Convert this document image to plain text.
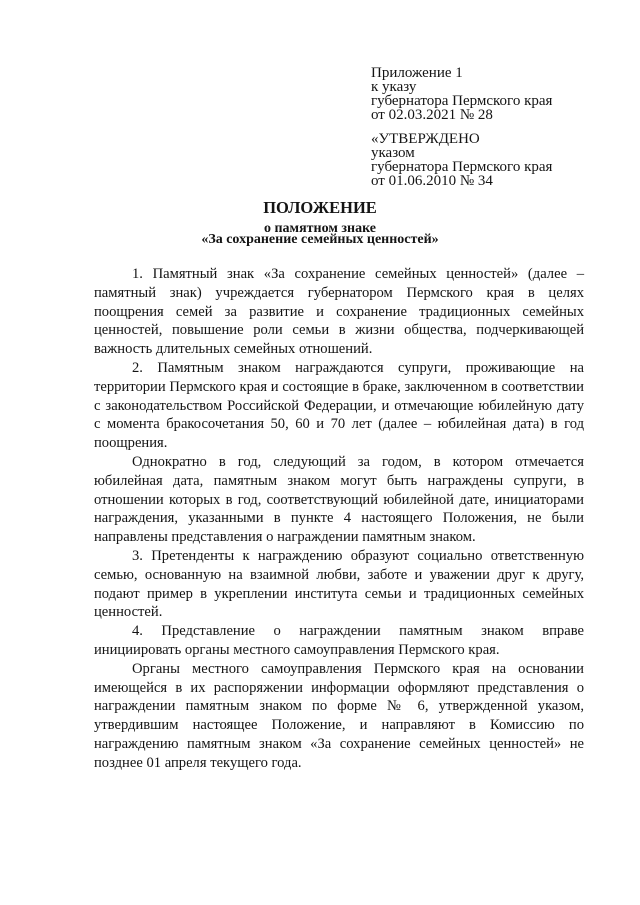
Приложение 1
к указу
губернатора Пермского края
от 02.03.2021 № 28
«УТВЕРЖДЕНО
указом
губернатора Пермского края
от 01.06.2010 № 34
ПОЛОЖЕНИЕ
о памятном знаке
«За сохранение семейных ценностей»

1. Памятный знак «За сохранение семейных ценностей» (далее – памятный знак) учреждается губернатором Пермского края в целях поощрения семей за развитие и сохранение традиционных семейных ценностей, повышение роли семьи в жизни общества, подчеркивающей важность длительных семейных отношений.

2. Памятным знаком награждаются супруги, проживающие на территории Пермского края и состоящие в браке, заключенном в соответствии с законодательством Российской Федерации, и отмечающие юбилейную дату с момента бракосочетания 50, 60 и 70 лет (далее – юбилейная дата) в год поощрения.

Однократно в год, следующий за годом, в котором отмечается юбилейная дата, памятным знаком могут быть награждены супруги, в отношении которых в год, соответствующий юбилейной дате, инициаторами награждения, указанными в пункте 4 настоящего Положения, не были направлены представления о награждении памятным знаком.

3. Претенденты к награждению образуют социально ответственную семью, основанную на взаимной любви, заботе и уважении друг к другу, подают пример в укреплении института семьи и традиционных семейных ценностей.

4. Представление о награждении памятным знаком вправе инициировать органы местного самоуправления Пермского края.

Органы местного самоуправления Пермского края на основании имеющейся в их распоряжении информации оформляют представления о награждении памятным знаком по форме № 6, утвержденной указом, утвердившим настоящее Положение, и направляют в Комиссию по награждению памятным знаком «За сохранение семейных ценностей» не позднее 01 апреля текущего года.
